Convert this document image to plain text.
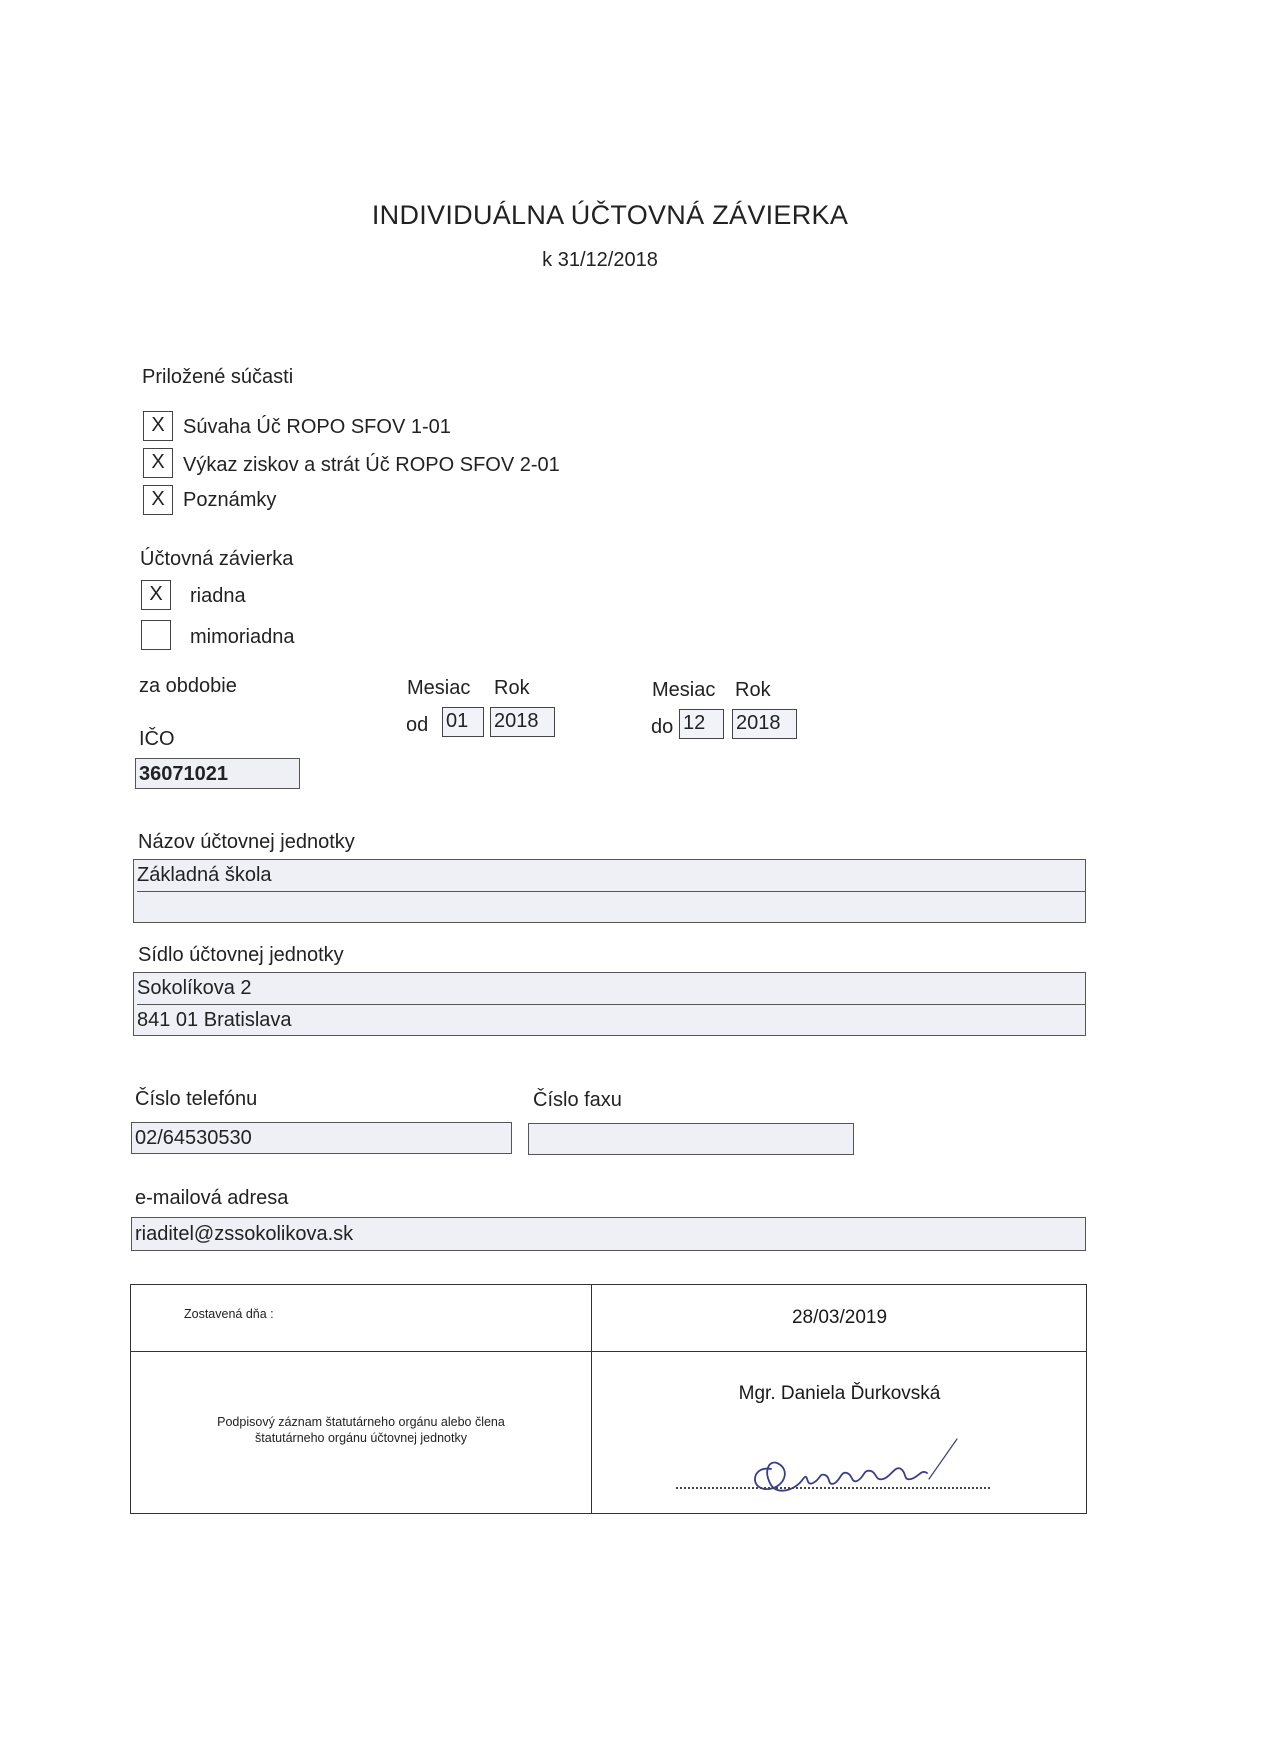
INDIVIDUÁLNA ÚČTOVNÁ ZÁVIERKA
k 31/12/2018
Priložené súčasti
X Súvaha Úč ROPO SFOV 1-01
X Výkaz ziskov a strát Úč ROPO SFOV 2-01
X Poznámky
Účtovná závierka
X	riadna
mimoriadna
za obdobie	Mesiac Rok
od 01	2018
Mesiac Rok
do 12	2018
IČO
36071021
Názov účtovnej jednotky
Základná škola
Sídlo účtovnej jednotky
Sokolíkova 2
841 01 Bratislava
Číslo telefónu
02/64530530
Číslo faxu
e-mailová adresa
riaditel@zssokolikova.sk
Zostavená dňa :	28/03/2019
Podpisový záznam štatutárneho orgánu alebo člena
štatutárneho orgánu účtovnej jednotky
Mgr. Daniela Ďurkovská
